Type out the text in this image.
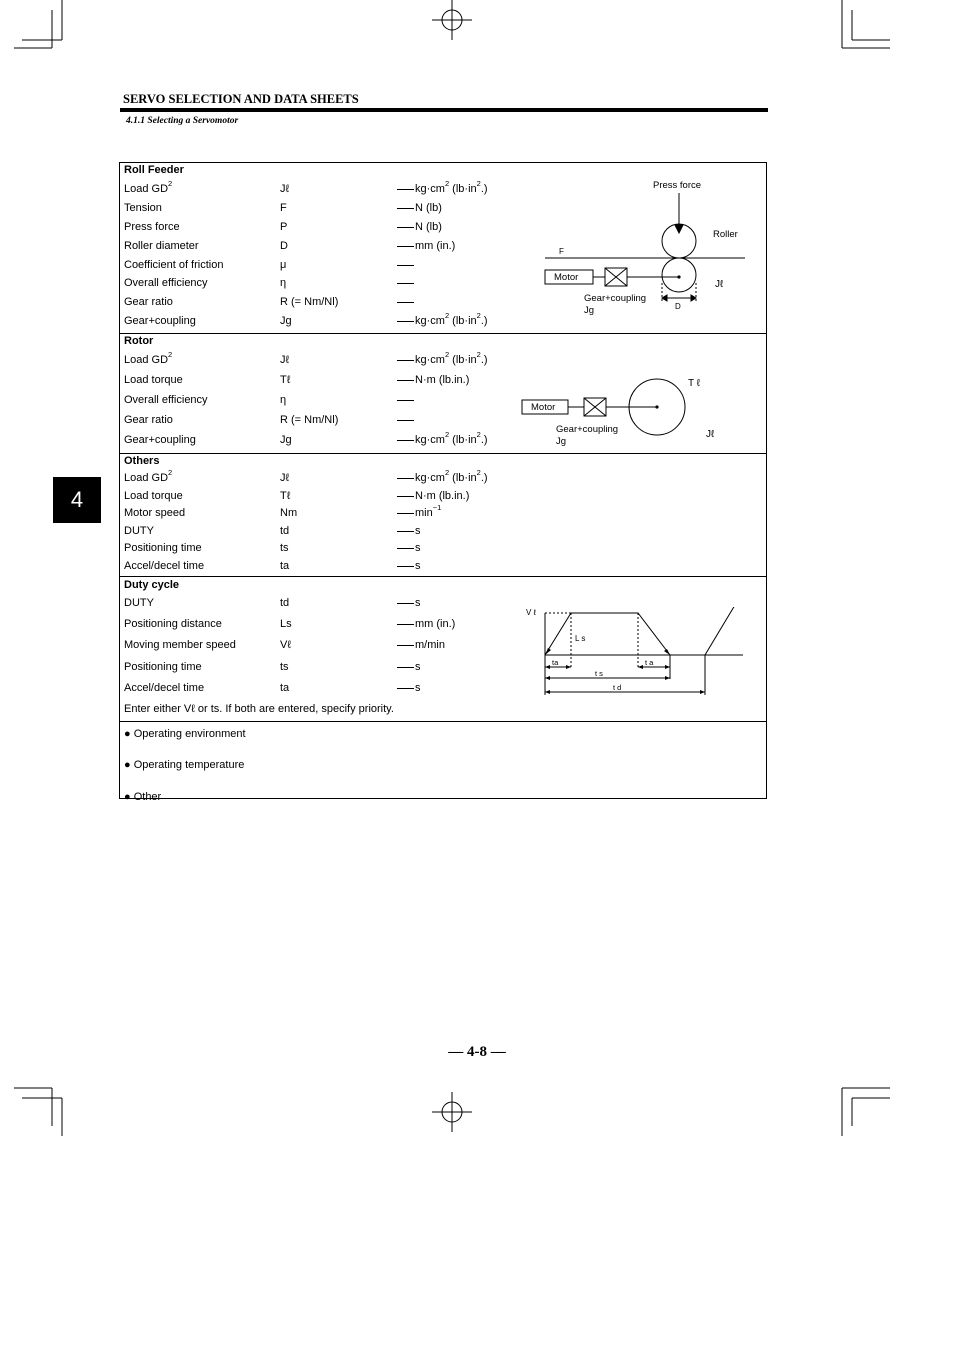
SERVO SELECTION AND DATA SHEETS
4.1.1 Selecting a Servomotor
4
— 4-8 —
Roll Feeder
Press force
Roller
F
Motor
Jℓ
Gear+coupling
Jg	D
Load $GD^2$	Jℓ	$kg\cdot cm^2$ $(lb\cdot in^2.)$
Tension	F	N (lb)
Press force	P	N (lb)
Roller diameter	D	mm (in.)
Coefficient of friction	μ
Overall efficiency	η
Gear ratio	R (= Nm/Nl)
Gear+coupling	Jg	$kg\cdot cm^2$ $(lb\cdot in^2.)$
Rotor
Motor
T ℓ
Jℓ
Gear+coupling
Jg
Load $GD^2$	Jℓ	$kg\cdot cm^2$ $(lb\cdot in^2.)$
Load torque	Tℓ	N·m (lb.in.)
Overall efficiency	η
Gear ratio	R (= Nm/Nl)
Gear+coupling	Jg	$kg\cdot cm^2$ $(lb\cdot in^2.)$
Others
Load $GD^2$	Jℓ	$kg\cdot cm^2$ $(lb\cdot in^2.)$
Load torque	Tℓ	N·m (lb.in.)
Motor speed	Nm	$\min^{-1}$
DUTY	td	s
Positioning time	ts	s
Accel/decel time	ta	s
Duty cycle
Enter either Vℓ or ts. If both are entered, specify priority.
V ℓ
L s
ta	t a
t s
t d
DUTY	td	s
Positioning distance	Ls	mm (in.)
Moving member speed	Vℓ	m/min
Positioning time	ts	s
Accel/decel time	ta	s
● Operating environment
● Operating temperature
● Other
